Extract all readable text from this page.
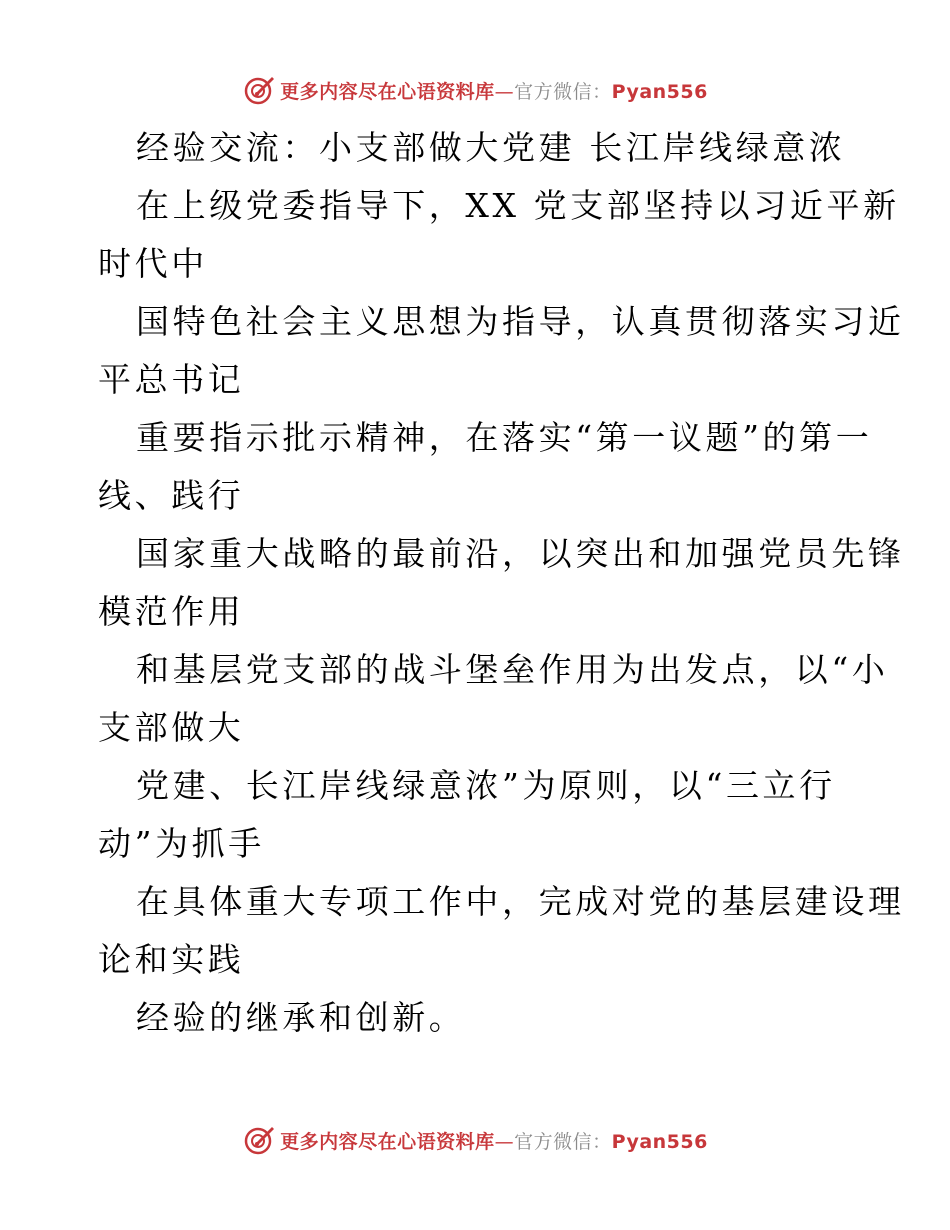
更多内容尽在心语资料库—官方微信：Pyan556
经验交流：小支部做大党建 长江岸线绿意浓
在上级党委指导下，XX 党支部坚持以习近平新
时代中
国特色社会主义思想为指导，认真贯彻落实习近
平总书记
重要指示批示精神，在落实“第一议题”的第一
线、践行
国家重大战略的最前沿，以突出和加强党员先锋
模范作用
和基层党支部的战斗堡垒作用为出发点，以“小
支部做大
党建、长江岸线绿意浓”为原则，以“三立行
动”为抓手
在具体重大专项工作中，完成对党的基层建设理
论和实践
经验的继承和创新。
更多内容尽在心语资料库—官方微信：Pyan556
